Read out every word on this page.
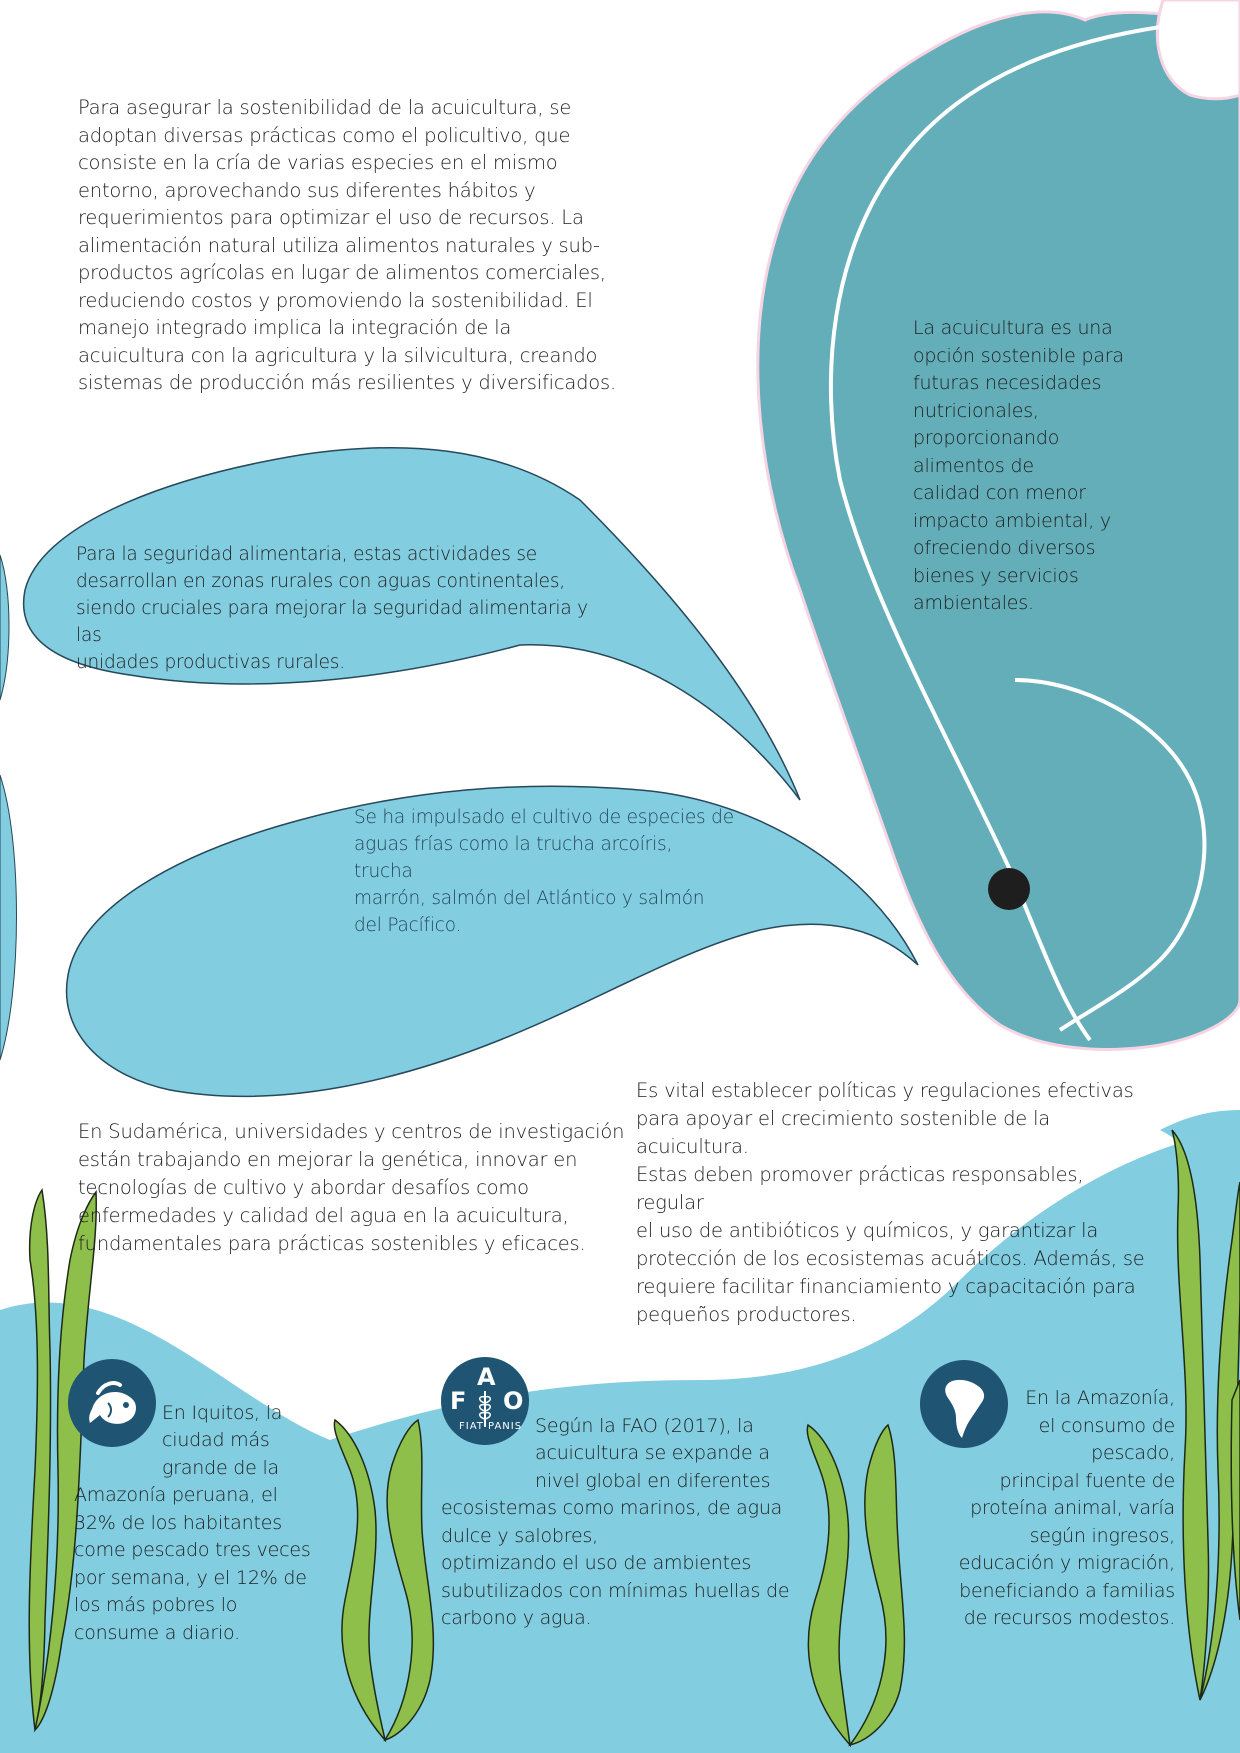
Para asegurar la sostenibilidad de la acuicultura, se
adoptan diversas prácticas como el policultivo, que
consiste en la cría de varias especies en el mismo
entorno, aprovechando sus diferentes hábitos y
requerimientos para optimizar el uso de recursos. La
alimentación natural utiliza alimentos naturales y sub-
productos agrícolas en lugar de alimentos comerciales,
reduciendo costos y promoviendo la sostenibilidad. El
manejo integrado implica la integración de la
acuicultura con la agricultura y la silvicultura, creando
sistemas de producción más resilientes y diversificados.

Para la seguridad alimentaria, estas actividades se
desarrollan en zonas rurales con aguas continentales,
siendo cruciales para mejorar la seguridad alimentaria y las
unidades productivas rurales.

La acuicultura es una
opción sostenible para
futuras necesidades
nutricionales,
proporcionando
alimentos de
calidad con menor
impacto ambiental, y
ofreciendo diversos
bienes y servicios
ambientales.

Se ha impulsado el cultivo de especies de
aguas frías como la trucha arcoíris, trucha
marrón, salmón del Atlántico y salmón
del Pacífico.

En Sudamérica, universidades y centros de investigación
están trabajando en mejorar la genética, innovar en
tecnologías de cultivo y abordar desafíos como
enfermedades y calidad del agua en la acuicultura,
fundamentales para prácticas sostenibles y eficaces.

Es vital establecer políticas y regulaciones efectivas
para apoyar el crecimiento sostenible de la acuicultura.
Estas deben promover prácticas responsables, regular
el uso de antibióticos y químicos, y garantizar la
protección de los ecosistemas acuáticos. Además, se
requiere facilitar financiamiento y capacitación para
pequeños productores.

En Iquitos, la
ciudad más
grande de la
Amazonía peruana, el
32% de los habitantes
come pescado tres veces
por semana, y el 12% de
los más pobres lo
consume a diario.

F
A
O
FIAT PANIS Según la FAO (2017), la
acuicultura se expande a
nivel global en diferentes
ecosistemas como marinos, de agua
dulce y salobres,
optimizando el uso de ambientes
subutilizados con mínimas huellas de
carbono y agua.

En la Amazonía,
el consumo de
pescado,
principal fuente de
proteína animal, varía
según ingresos,
educación y migración,
beneficiando a familias
de recursos modestos.
